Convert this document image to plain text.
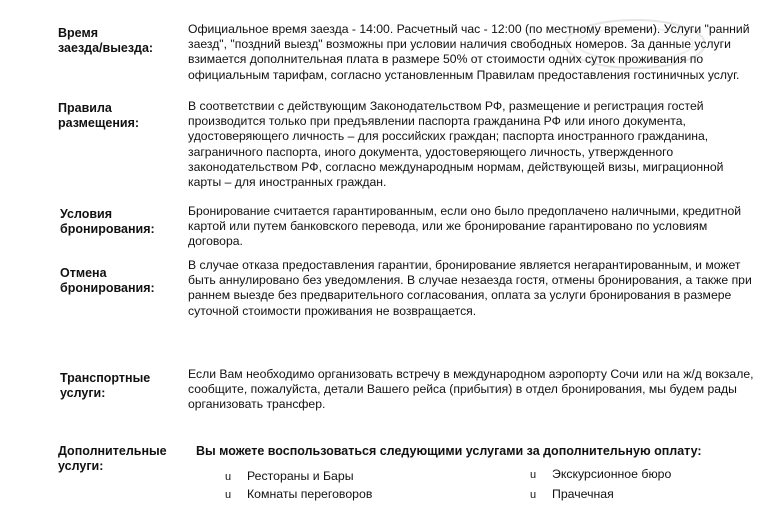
Время
заезда/выезда:
Официальное время заезда - 14:00. Расчетный час - 12:00 (по местному времени). Услуги "ранний заезд", "поздний выезд" возможны при условии наличия свободных номеров. За данные услуги взимается дополнительная плата в размере 50% от стоимости одних суток проживания по официальным тарифам, согласно установленным Правилам предоставления гостиничных услуг.
Правила
размещения:
В соответствии с действующим Законодательством РФ, размещение и регистрация гостей производится только при предъявлении паспорта гражданина РФ или иного документа, удостоверяющего личность – для российских граждан; паспорта иностранного гражданина, заграничного паспорта, иного документа, удостоверяющего личность, утвержденного законодательством РФ, согласно международным нормам, действующей визы, миграционной карты – для иностранных граждан.
Условия
бронирования:
Бронирование считается гарантированным, если оно было предоплачено наличными, кредитной картой или путем банковского перевода, или же бронирование гарантировано по условиям договора.
Отмена
бронирования:
В случае отказа предоставления гарантии, бронирование является негарантированным, и может быть аннулировано без уведомления. В случае незаезда гостя, отмены бронирования, а также при раннем выезде без предварительного согласования, оплата за услуги бронирования в размере суточной стоимости проживания не возвращается.
Транспортные
услуги:
Если Вам необходимо организовать встречу в международном аэропорту Сочи или на ж/д вокзале, сообщите, пожалуйста, детали Вашего рейса (прибытия) в отдел бронирования, мы будем рады организовать трансфер.
Дополнительные
услуги:
Вы можете воспользоваться следующими услугами за дополнительную оплату:
u Рестораны и Бары
u Комнаты переговоров
u Экскурсионное бюро
u Прачечная
